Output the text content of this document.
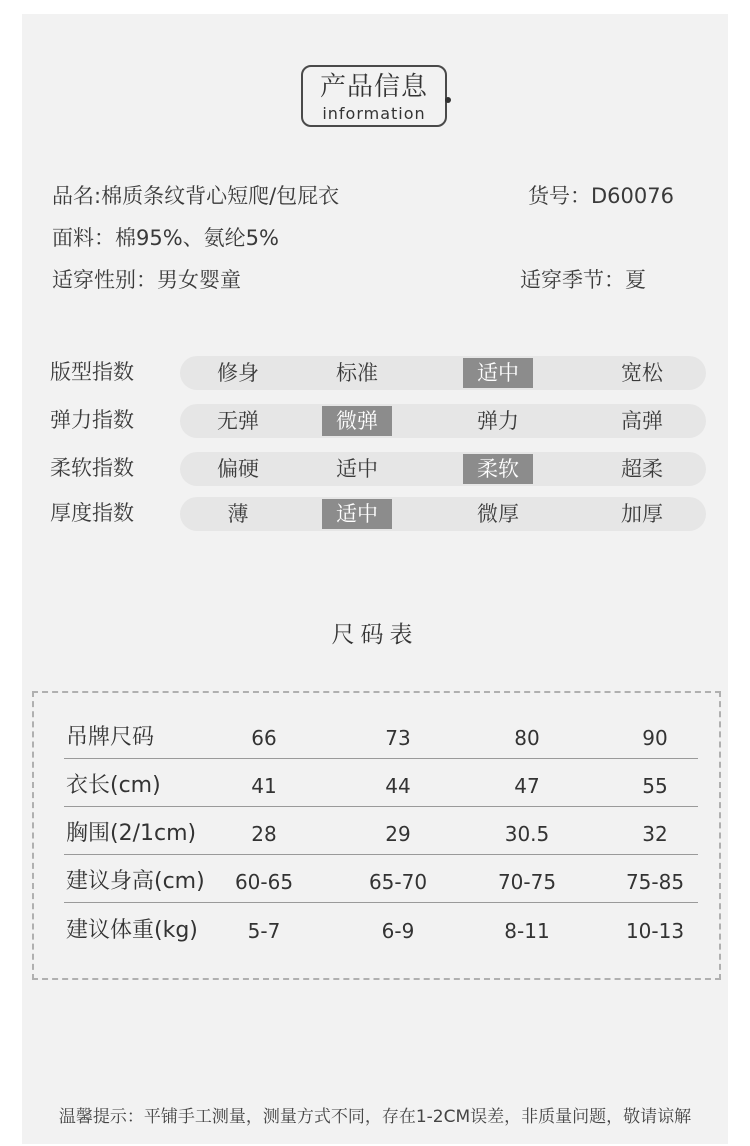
产品信息
information
品名:棉质条纹背心短爬/包屁衣	货号：D60076
面料：棉95%、氨纶5%
适穿性别：男女婴童	适穿季节：夏
版型指数	修身	标准	适中	宽松
弹力指数	无弹	微弹	弹力	高弹
柔软指数	偏硬	适中	柔软	超柔
厚度指数	薄	适中	微厚	加厚
尺码表
吊牌尺码	66	73	80	90
衣长(cm)	41	44	47	55
胸围(2/1cm)	28	29	30.5	32
建议身高(cm) 60-65	65-70	70-75	75-85
建议体重(kg) 5-7	6-9	8-11	10-13
温馨提示：平铺手工测量，测量方式不同，存在1-2CM误差，非质量问题，敬请谅解
